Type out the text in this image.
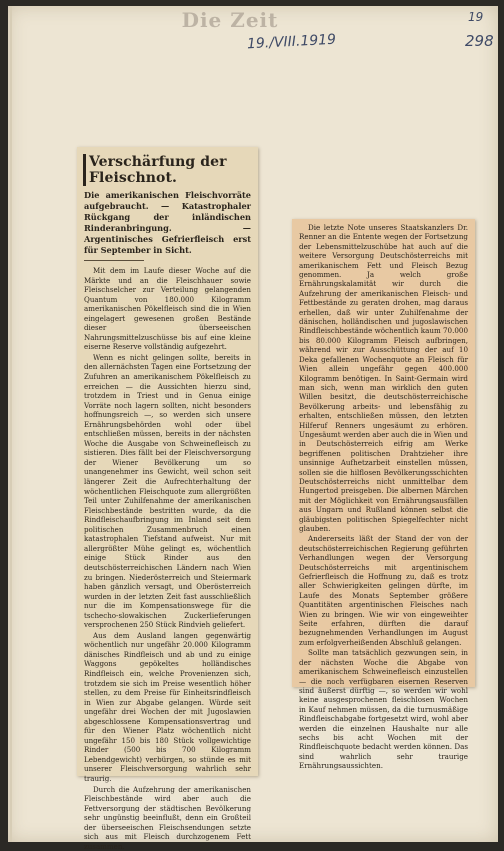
Die Zeit
19./VIII.1919
19
298
Verschärfung der Fleischnot.
Die amerikanischen Fleischvorräte aufgebraucht. — Katastrophaler Rückgang der inländischen Rinderanbringung. — Argentinisches Gefrierfleisch erst für September in Sicht.

Mit dem im Laufe dieser Woche auf die Märkte und an die Fleischhauer sowie Fleischselcher zur Verteilung gelangenden Quantum von 180.000 Kilogramm amerikanischen Pökelfleisch sind die in Wien eingelagert gewesenen großen Bestände dieser überseeischen Nahrungsmittelzuschüsse bis auf eine kleine eiserne Reserve vollständig aufgezehrt.

Wenn es nicht gelingen sollte, bereits in den allernächsten Tagen eine Fortsetzung der Zufuhren an amerikanischem Pökelfleisch zu erreichen — die Aussichten hierzu sind, trotzdem in Triest und in Genua einige Vorräte noch lagern sollten, nicht besonders hoffnungsreich —, so werden sich unsere Ernährungsbehörden wohl oder übel entschließen müssen, bereits in der nächsten Woche die Ausgabe von Schweinefleisch zu sistieren. Dies fällt bei der Fleischversorgung der Wiener Bevölkerung um so unangenehmer ins Gewicht, weil schon seit längerer Zeit die Aufrechterhaltung der wöchentlichen Fleischquote zum allergrößten Teil unter Zuhilfenahme der amerikanischen Fleischbestände bestritten wurde, da die Rindfleischaufbringung im Inland seit dem politischen Zusammenbruch einen katastrophalen Tiefstand aufweist. Nur mit allergrößter Mühe gelingt es, wöchentlich einige Stück Rinder aus den deutschösterreichischen Ländern nach Wien zu bringen. Niederösterreich und Steiermark haben gänzlich versagt, und Oberösterreich wurden in der letzten Zeit fast ausschließlich nur die im Kompensationswege für die tschecho-slowakischen Zuckerlieferungen versprochenen 250 Stück Rindvieh geliefert.

Aus dem Ausland langen gegenwärtig wöchentlich nur ungefähr 20.000 Kilogramm dänisches Rindfleisch und ab und zu einige Waggons gepökeltes holländisches Rindfleisch ein, welche Provenienzen sich, trotzdem sie sich im Preise wesentlich höher stellen, zu dem Preise für Einheitsrindfleisch in Wien zur Abgabe gelangen. Würde seit ungefähr drei Wochen der mit Jugoslawien abgeschlossene Kompensationsvertrag und für den Wiener Platz wöchentlich nicht ungefähr 150 bis 180 Stück vollgewichtige Rinder (500 bis 700 Kilogramm Lebendgewicht) verbürgen, so stünde es mit unserer Fleischversorgung wahrlich sehr traurig.

Durch die Aufzehrung der amerikanischen Fleischbestände wird aber auch die Fettversorgung der städtischen Bevölkerung sehr ungünstig beeinflußt, denn ein Großteil der überseeischen Fleischsendungen setzte sich aus mit Fleisch durchzogenem Fett zusammen.

Die letzte Note unseres Staatskanzlers Dr. Renner an die Entente wegen der Fortsetzung der Lebensmittelzuschübe hat auch auf die weitere Versorgung Deutschösterreichs mit amerikanischem Fett und Fleisch Bezug genommen. Ja welch große Ernährungskalamität wir durch die Aufzehrung der amerikanischen Fleisch- und Fettbestände zu geraten drohen, mag daraus erhellen, daß wir unter Zuhilfenahme der dänischen, holländischen und jugoslawischen Rindfleischbestände wöchentlich kaum 70.000 bis 80.000 Kilogramm Fleisch aufbringen, während wir zur Ausschüttung der auf 10 Deka gefallenen Wochenquote an Fleisch für Wien allein ungefähr gegen 400.000 Kilogramm benötigen. In Saint-Germain wird man sich, wenn man wirklich den guten Willen besitzt, die deutschösterreichische Bevölkerung arbeits- und lebensfähig zu erhalten, entschließen müssen, den letzten Hilferuf Renners ungesäumt zu erhören. Ungesäumt werden aber auch die in Wien und in Deutschösterreich eifrig am Werke begriffenen politischen Drahtzieher ihre unsinnige Aufhetzarbeit einstellen müssen, sollen sie die hilflosen Bevölkerungsschichten Deutschösterreichs nicht unmittelbar dem Hungertod preisgeben. Die albernen Märchen mit der Möglichkeit von Ernährungsausfällen aus Ungarn und Rußland können selbst die gläubigsten politischen Spiegelfechter nicht glauben.

Andererseits läßt der Stand der von der deutschösterreichischen Regierung geführten Verhandlungen wegen der Versorgung Deutschösterreichs mit argentinischem Gefrierfleisch die Hoffnung zu, daß es trotz aller Schwierigkeiten gelingen dürfte, im Laufe des Monats September größere Quantitäten argentinischen Fleisches nach Wien zu bringen. Wie wir von eingeweihter Seite erfahren, dürften die darauf bezugnehmenden Verhandlungen im August zum erfolgverheißenden Abschluß gelangen.

Sollte man tatsächlich gezwungen sein, in der nächsten Woche die Abgabe von amerikanischem Schweinefleisch einzustellen — die noch verfügbaren eisernen Reserven sind äußerst dürftig —, so werden wir wohl keine ausgesprochenen fleischlosen Wochen in Kauf nehmen müssen, da die turnusmäßige Rindfleischabgabe fortgesetzt wird, wohl aber werden die einzelnen Haushalte nur alle sechs bis acht Wochen mit der Rindfleischquote bedacht werden können. Das sind wahrlich sehr traurige Ernährungsaussichten.
